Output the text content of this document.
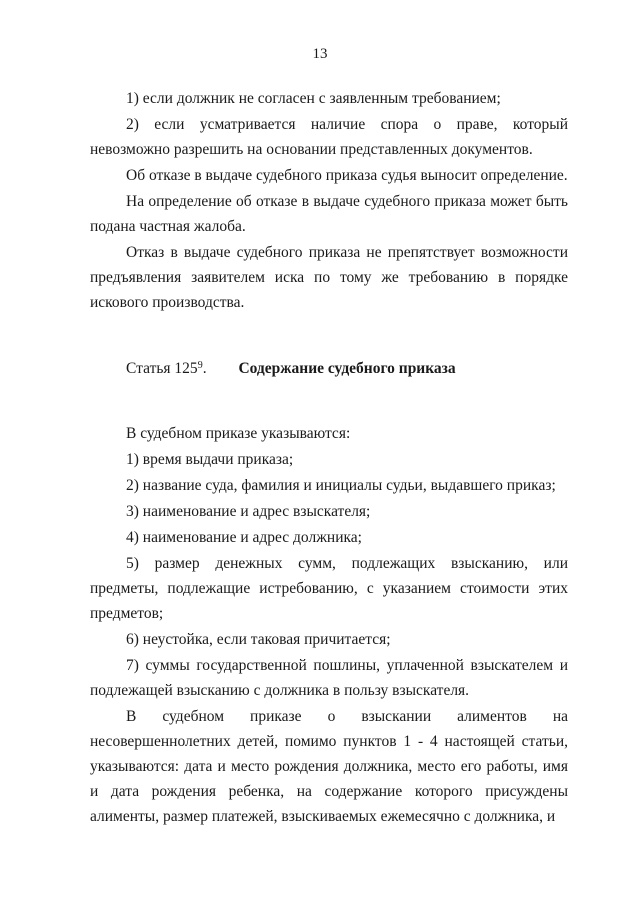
13

1) если должник не согласен с заявленным требованием;

2) если усматривается наличие спора о праве, который невозможно разрешить на основании представленных документов.

Об отказе в выдаче судебного приказа судья выносит определение.

На определение об отказе в выдаче судебного приказа может быть подана частная жалоба.

Отказ в выдаче судебного приказа не препятствует возможности предъявления заявителем иска по тому же требованию в порядке искового производства.

Статья $125^9$. Содержание судебного приказа

В судебном приказе указываются:

1) время выдачи приказа;

2) название суда, фамилия и инициалы судьи, выдавшего приказ;

3) наименование и адрес взыскателя;

4) наименование и адрес должника;

5) размер денежных сумм, подлежащих взысканию, или предметы, подлежащие истребованию, с указанием стоимости этих предметов;

6) неустойка, если таковая причитается;

7) суммы государственной пошлины, уплаченной взыскателем и подлежащей взысканию с должника в пользу взыскателя.

В судебном приказе о взыскании алиментов на несовершеннолетних детей, помимо пунктов 1 - 4 настоящей статьи, указываются: дата и место рождения должника, место его работы, имя и дата рождения ребенка, на содержание которого присуждены алименты, размер платежей, взыскиваемых ежемесячно с должника, и
